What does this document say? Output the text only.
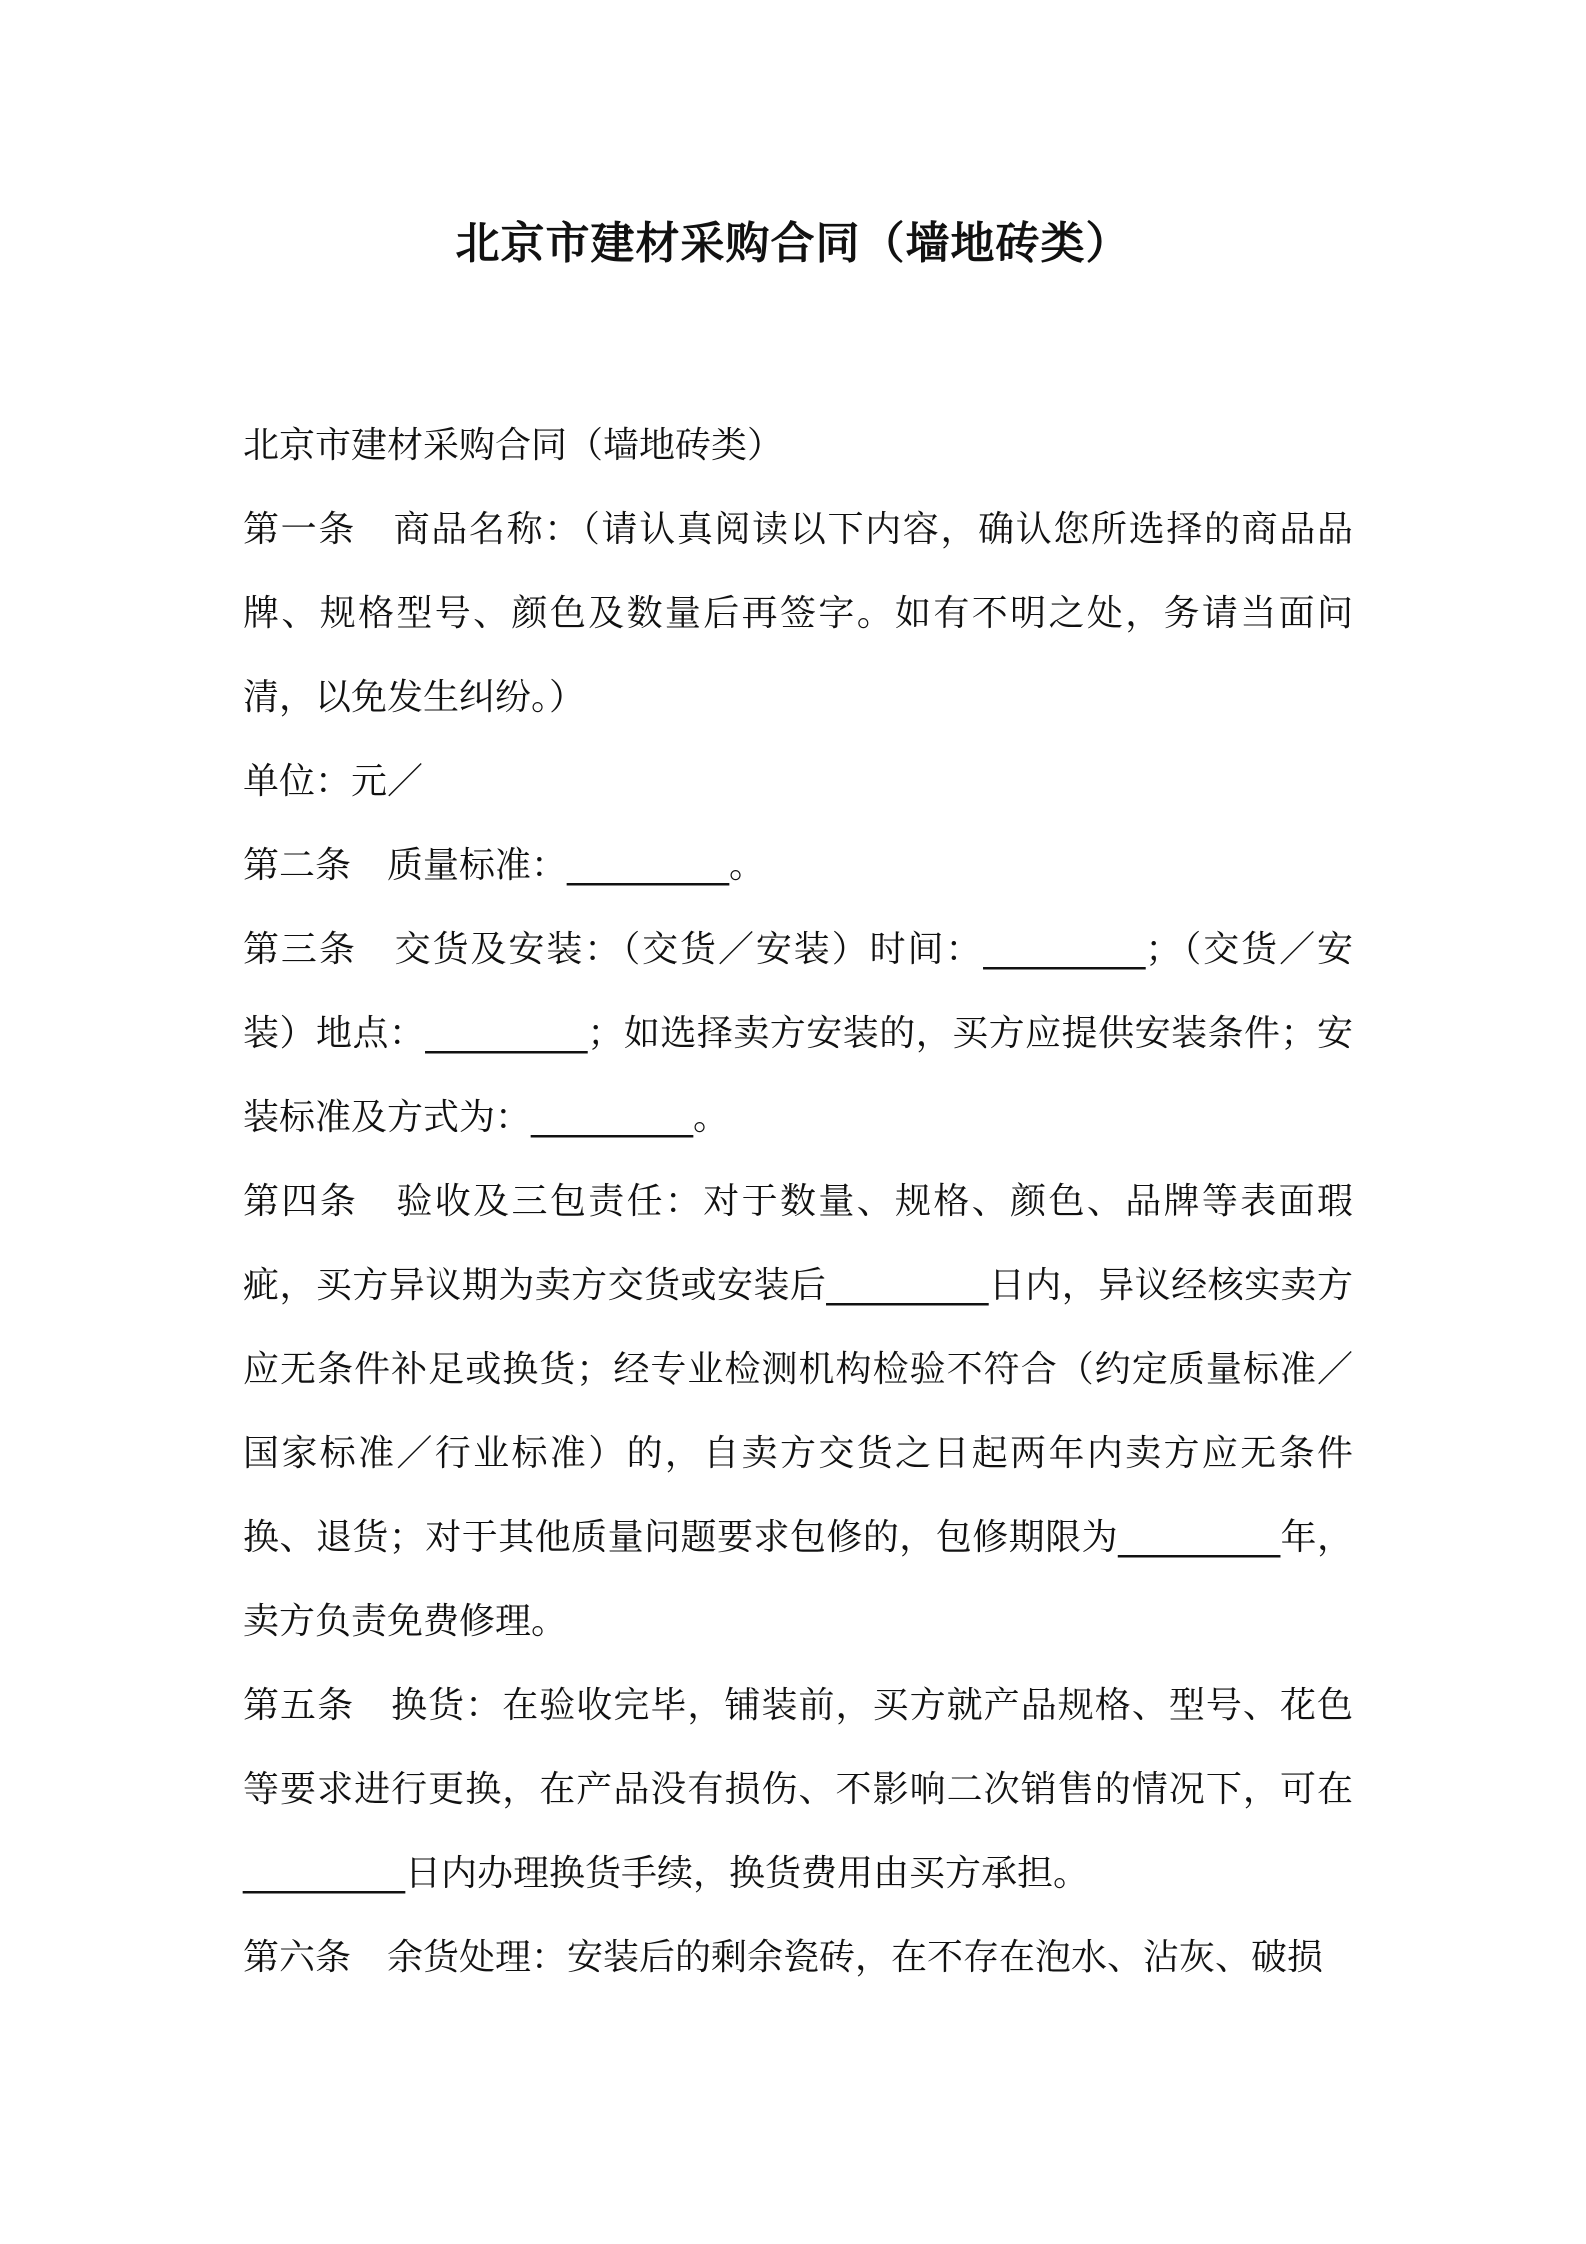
北京市建材采购合同（墙地砖类）

北京市建材采购合同（墙地砖类）

第一条　商品名称：（请认真阅读以下内容，确认您所选择的商品品牌、规格型号、颜色及数量后再签字。如有不明之处，务请当面问清，以免发生纠纷。）

单位：元／

第二条　质量标准：_________。

第三条　交货及安装：（交货／安装）时间：_________；（交货／安装）地点：_________；如选择卖方安装的，买方应提供安装条件；安装标准及方式为：_________。

第四条　验收及三包责任：对于数量、规格、颜色、品牌等表面瑕疵，买方异议期为卖方交货或安装后_________日内，异议经核实卖方应无条件补足或换货；经专业检测机构检验不符合（约定质量标准／国家标准／行业标准）的，自卖方交货之日起两年内卖方应无条件换、退货；对于其他质量问题要求包修的，包修期限为_________年，卖方负责免费修理。

第五条　换货：在验收完毕，铺装前，买方就产品规格、型号、花色等要求进行更换，在产品没有损伤、不影响二次销售的情况下，可在_________日内办理换货手续，换货费用由买方承担。

第六条　余货处理：安装后的剩余瓷砖，在不存在泡水、沾灰、破损
